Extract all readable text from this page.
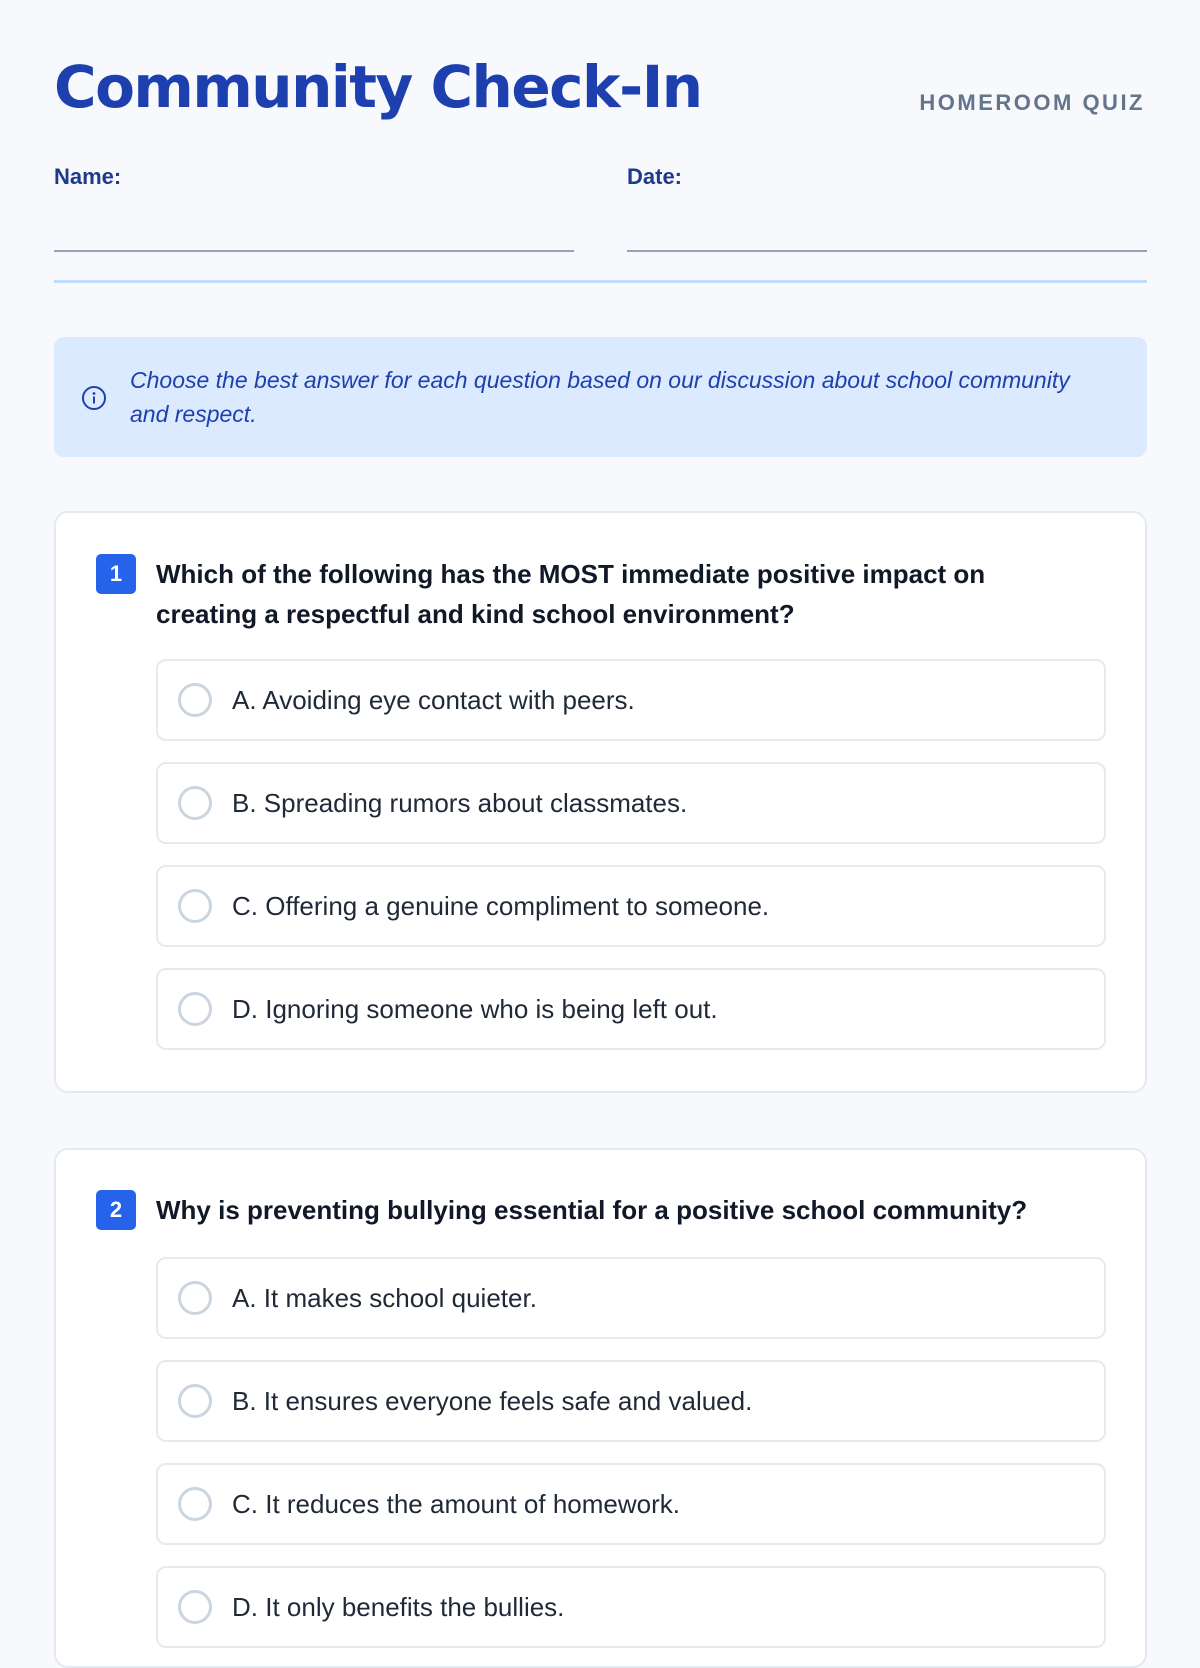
Community Check-In	HOMEROOM QUIZ
Name:	Date:
Choose the best answer for each question based on our discussion about school community and respect.
1	Which of the following has the MOST immediate positive impact on creating a respectful and kind school environment?
A. Avoiding eye contact with peers.
B. Spreading rumors about classmates.
C. Offering a genuine compliment to someone.
D. Ignoring someone who is being left out.
2	Why is preventing bullying essential for a positive school community?
A. It makes school quieter.
B. It ensures everyone feels safe and valued.
C. It reduces the amount of homework.
D. It only benefits the bullies.
